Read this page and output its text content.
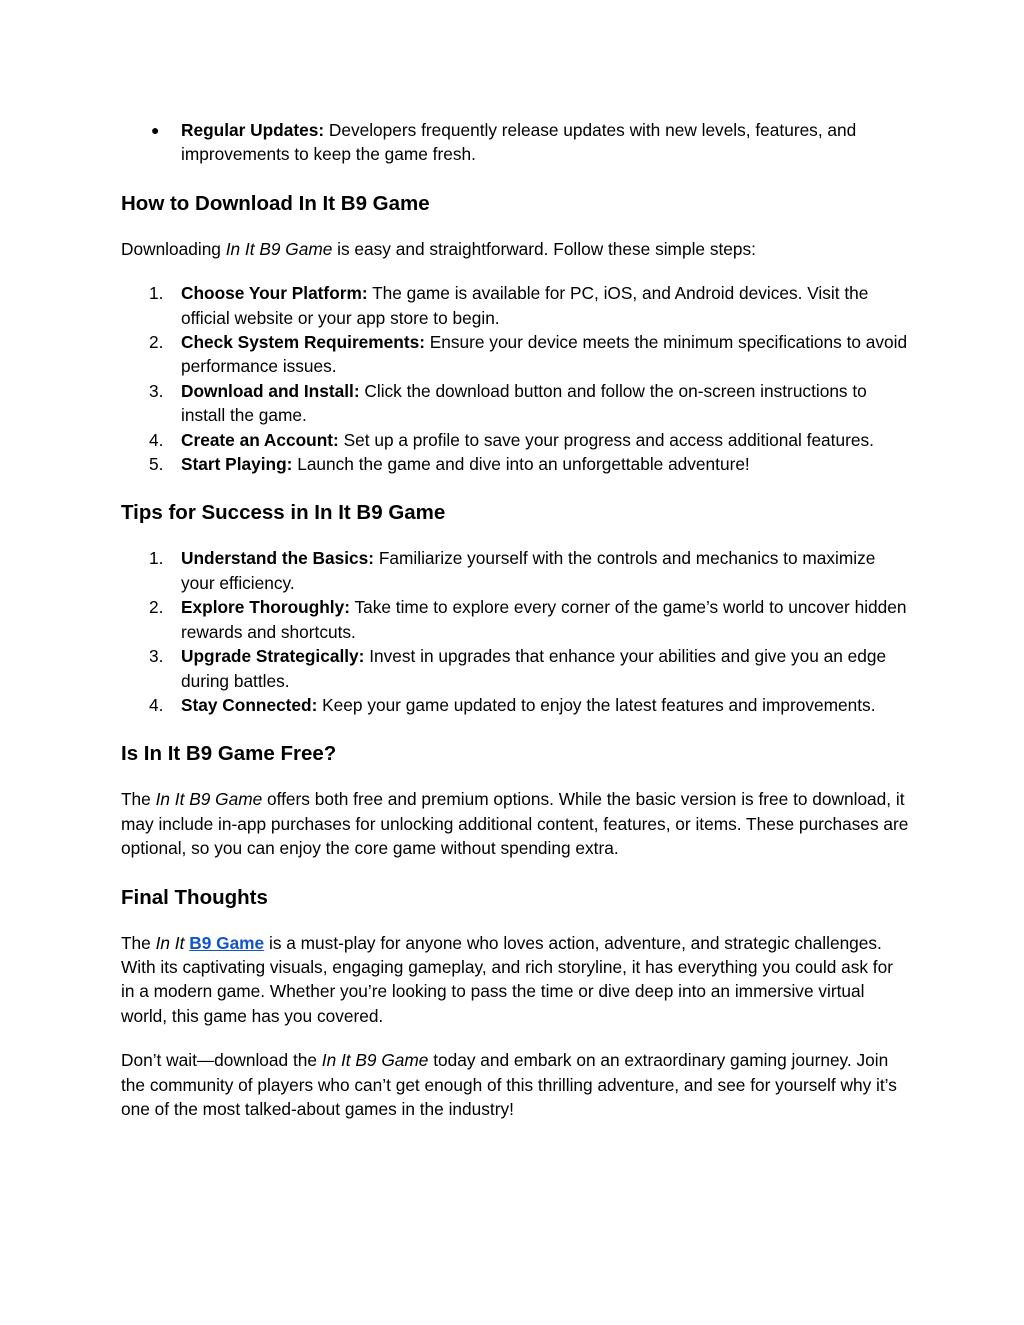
●	Regular Updates: Developers frequently release updates with new levels, features, and improvements to keep the game fresh.
How to Download In It B9 Game

Downloading In It B9 Game is easy and straightforward. Follow these simple steps:

1.	Choose Your Platform: The game is available for PC, iOS, and Android devices. Visit the official website or your app store to begin.
2.	Check System Requirements: Ensure your device meets the minimum specifications to avoid performance issues.
3.	Download and Install: Click the download button and follow the on-screen instructions to install the game.
4.	Create an Account: Set up a profile to save your progress and access additional features.
5.	Start Playing: Launch the game and dive into an unforgettable adventure!
Tips for Success in In It B9 Game
1.	Understand the Basics: Familiarize yourself with the controls and mechanics to maximize your efficiency.
2.	Explore Thoroughly: Take time to explore every corner of the game’s world to uncover hidden rewards and shortcuts.
3.	Upgrade Strategically: Invest in upgrades that enhance your abilities and give you an edge during battles.
4.	Stay Connected: Keep your game updated to enjoy the latest features and improvements.
Is In It B9 Game Free?

The In It B9 Game offers both free and premium options. While the basic version is free to download, it may include in-app purchases for unlocking additional content, features, or items. These purchases are optional, so you can enjoy the core game without spending extra.

Final Thoughts

The In It B9 Game is a must-play for anyone who loves action, adventure, and strategic challenges. With its captivating visuals, engaging gameplay, and rich storyline, it has everything you could ask for in a modern game. Whether you’re looking to pass the time or dive deep into an immersive virtual world, this game has you covered.

Don’t wait—download the In It B9 Game today and embark on an extraordinary gaming journey. Join the community of players who can’t get enough of this thrilling adventure, and see for yourself why it’s one of the most talked-about games in the industry!
